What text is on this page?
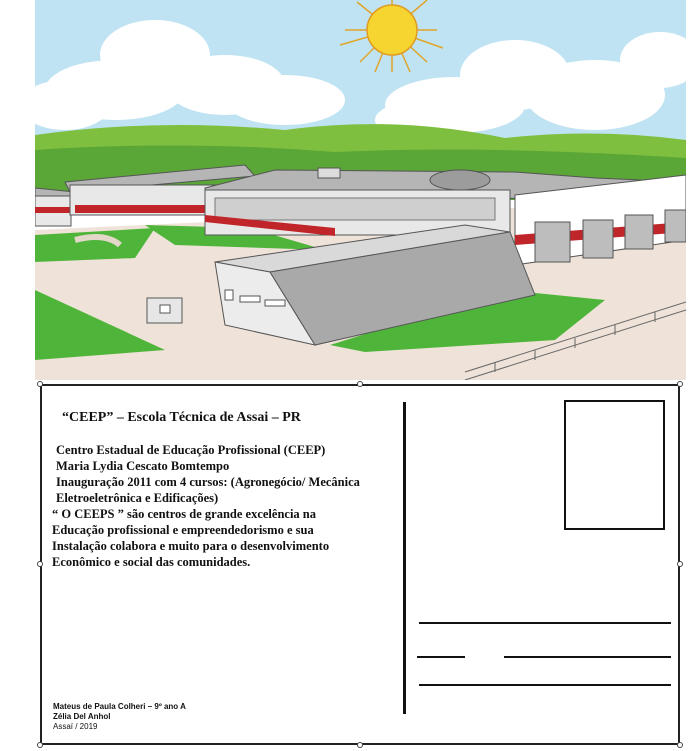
“CEEP” – Escola Técnica de Assai – PR
Centro Estadual de Educação Profissional (CEEP)
Maria Lydia Cescato Bomtempo
Inauguração 2011 com 4 cursos: (Agronegócio/ Mecânica
Eletroeletrônica e Edificações)
“ O CEEPS ” são centros de grande excelência na
Educação profissional e empreendedorismo e sua
Instalação colabora e muito para o desenvolvimento
Econômico e social das comunidades.
Mateus de Paula Colheri – 9º ano A
Zélia Del Anhol
Assaí / 2019
